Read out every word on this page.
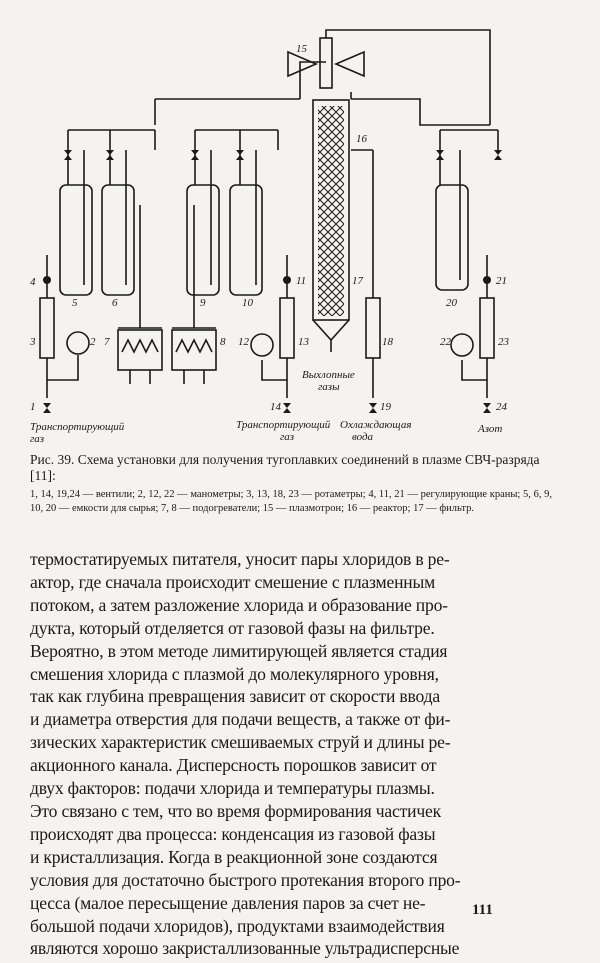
1
2
3
4
5	6
7	8
9	10
11
12	13
14
15
16
17
18
19
20
21
22	23
24
Транспортирующий
газ
Транспортирующий
газ
Выхлопные
газы
Охлаждающая
вода
Азот
Рис. 39. Схема установки для получения тугоплавких соединений в плазме СВЧ-разряда [11]:
1, 14, 19,24 — вентили; 2, 12, 22 — манометры; 3, 13, 18, 23 — ротаметры; 4, 11, 21 — регулирующие краны; 5, 6, 9, 10, 20 — емкости для сырья; 7, 8 — подогреватели; 15 — плазмотрон; 16 — реактор; 17 — фильтр.
термостатируемых питателя, уносит пары хлоридов в ре-
актор, где сначала происходит смешение с плазменным
потоком, а затем разложение хлорида и образование про-
дукта, который отделяется от газовой фазы на фильтре.
Вероятно, в этом методе лимитирующей является стадия
смешения хлорида с плазмой до молекулярного уровня,
так как глубина превращения зависит от скорости ввода
и диаметра отверстия для подачи веществ, а также от фи-
зических характеристик смешиваемых струй и длины ре-
акционного канала. Дисперсность порошков зависит от
двух факторов: подачи хлорида и температуры плазмы.
Это связано с тем, что во время формирования частичек
происходят два процесса: конденсация из газовой фазы
и кристаллизация. Когда в реакционной зоне создаются
условия для достаточно быстрого протекания второго про-
цесса (малое пересыщение давления паров за счет не-
большой подачи хлоридов), продуктами взаимодействия
являются хорошо закристаллизованные ультрадисперсные
111
